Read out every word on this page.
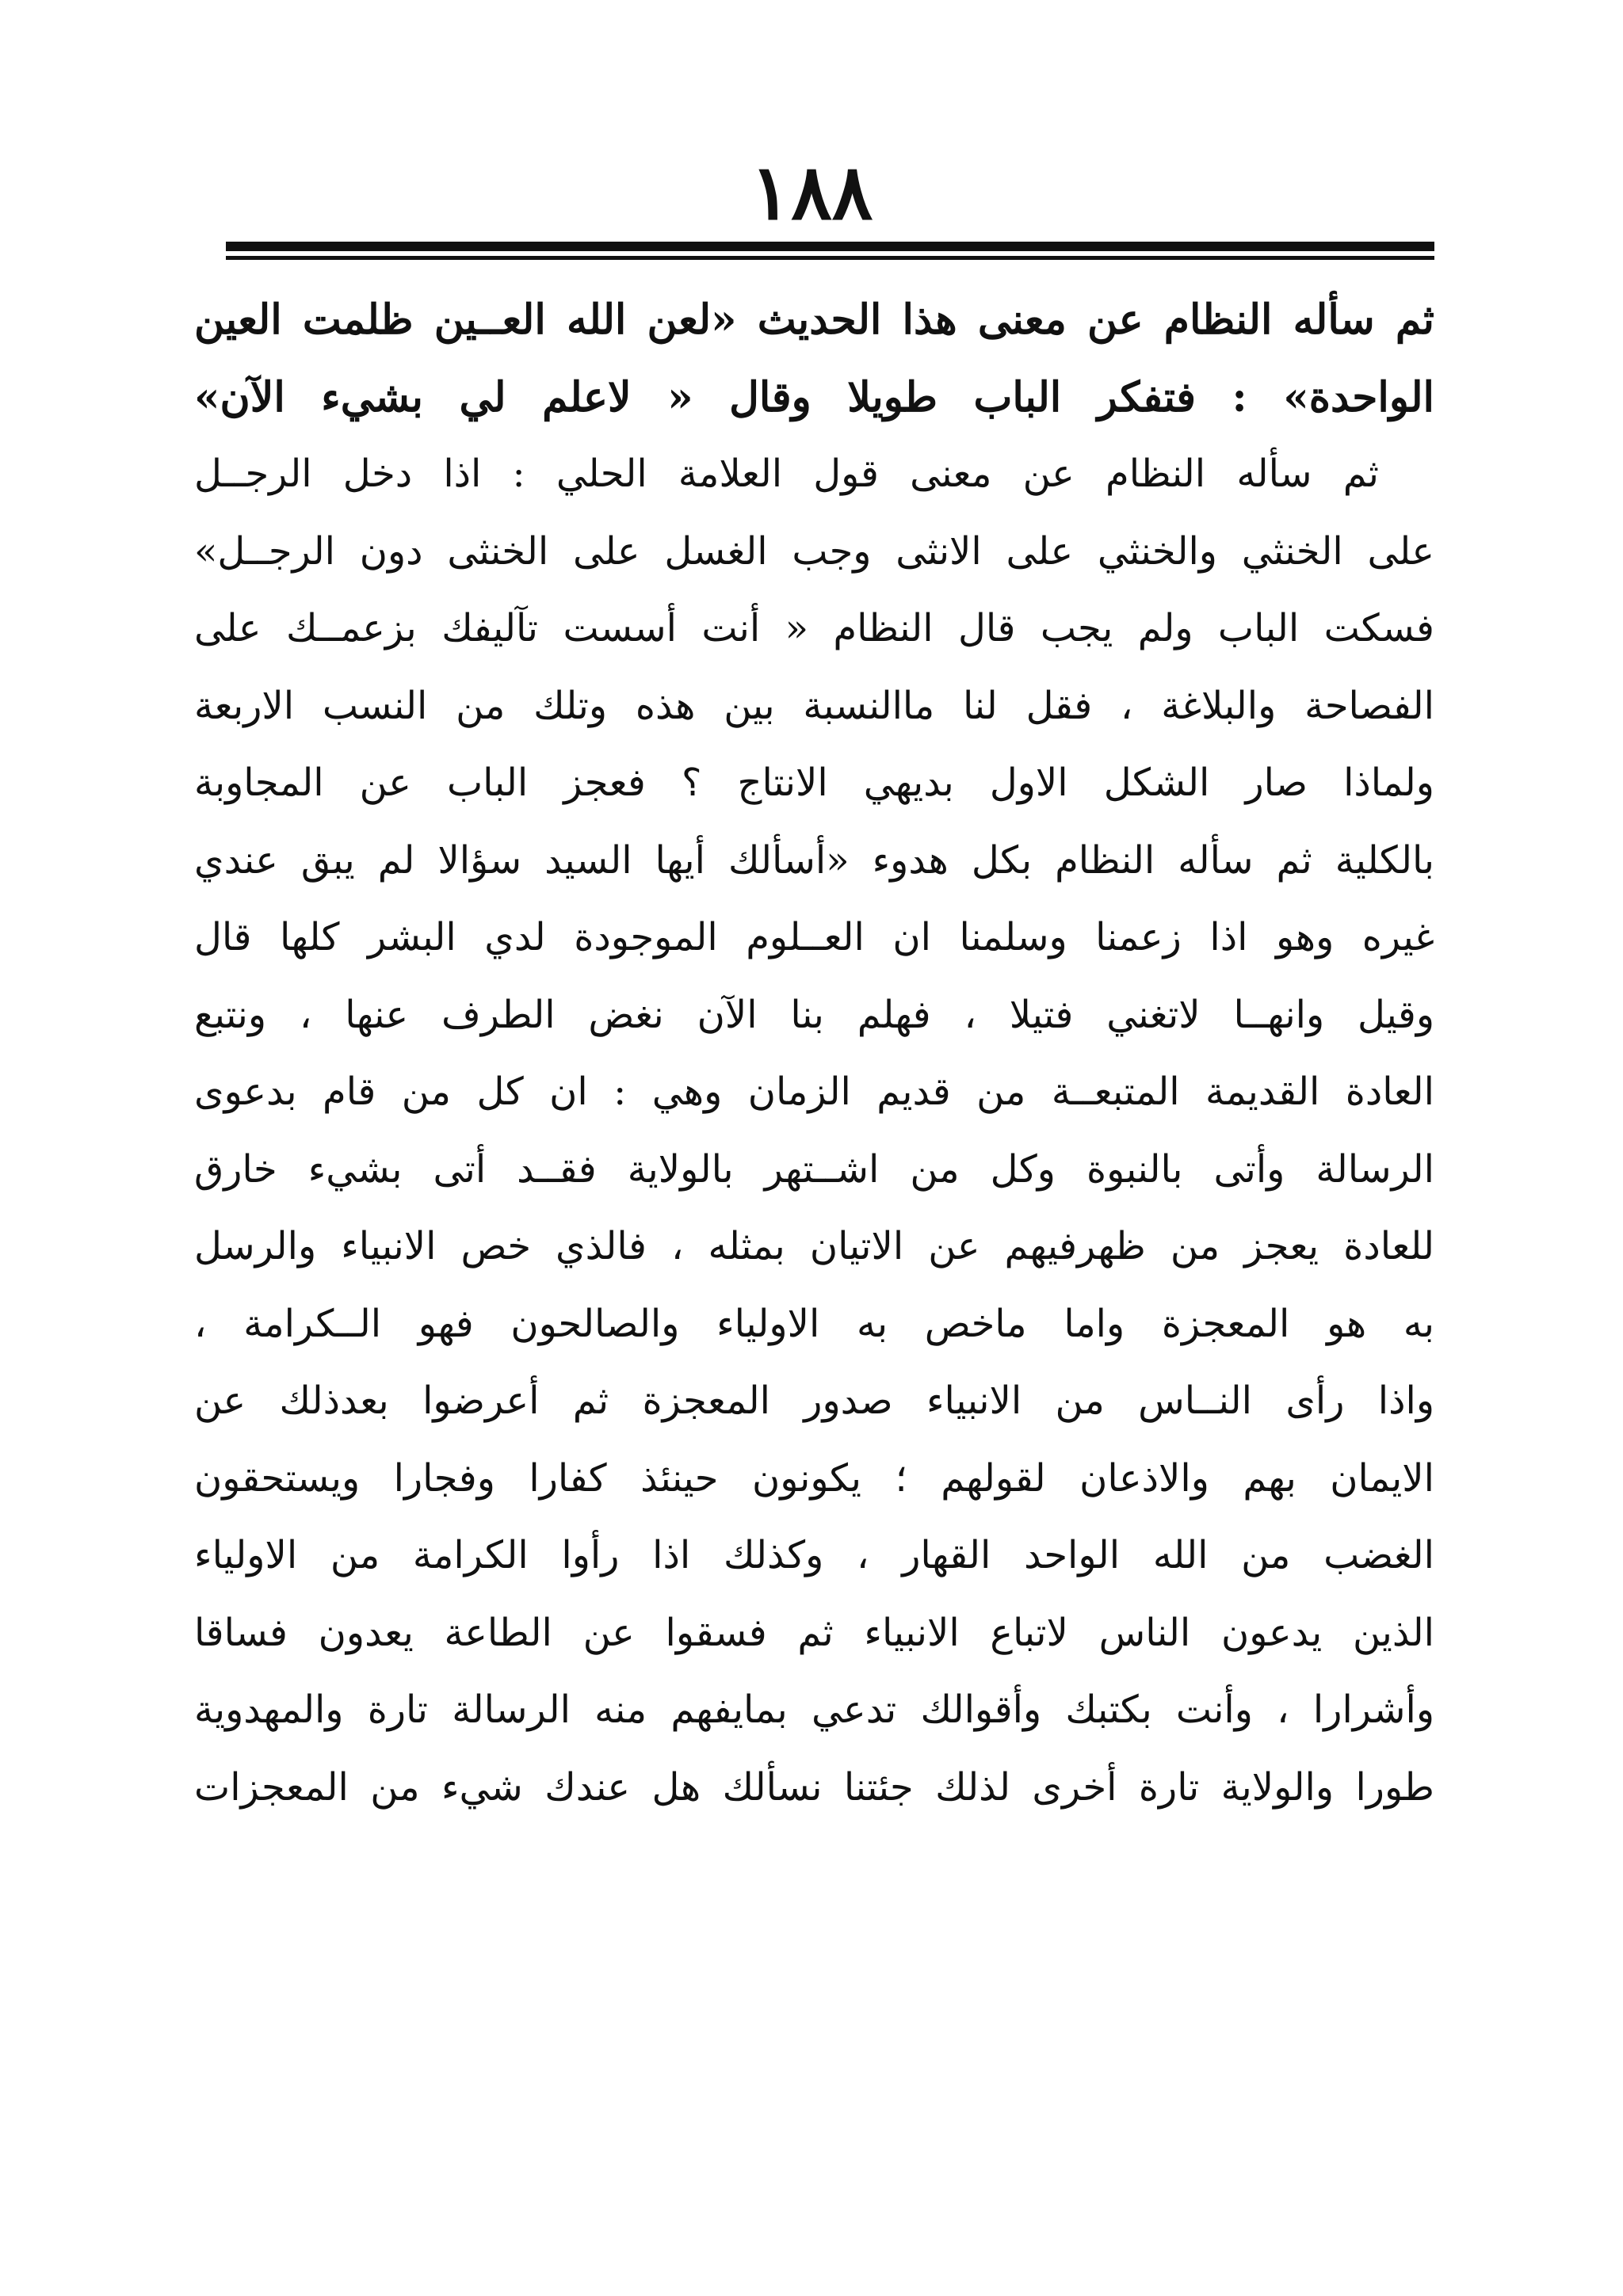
١٨٨
ثم سأله النظام عن معنى هذا الحديث «لعن الله العــين ظلمت العين
الواحدة» : فتفكر الباب طويلا وقال « لاعلم لي بشيء الآن»
ثم سأله النظام عن معنى قول العلامة الحلي : اذا دخل الرجــل
على الخنثي والخنثي على الانثى وجب الغسل على الخنثى دون الرجــل»
فسكت الباب ولم يجب قال النظام « أنت أسست تآليفك بزعمــك على
الفصاحة والبلاغة ، فقل لنا ماالنسبة بين هذه وتلك من النسب الاربعة
ولماذا صار الشكل الاول بديهي الانتاج ؟ فعجز الباب عن المجاوبة
بالكلية ثم سأله النظام بكل هدوء «أسألك أيها السيد سؤالا لم يبق عندي
غيره وهو اذا زعمنا وسلمنا ان العــلوم الموجودة لدي البشر كلها قال
وقيل وانهــا لاتغني فتيلا ، فهلم بنا الآن نغض الطرف عنها ، ونتبع
العادة القديمة المتبعــة من قديم الزمان وهي : ان كل من قام بدعوى
الرسالة وأتى بالنبوة وكل من اشــتهر بالولاية فقــد أتى بشيء خارق
للعادة يعجز من ظهرفيهم عن الاتيان بمثله ، فالذي خص الانبياء والرسل
به هو المعجزة واما ماخص به الاولياء والصالحون فهو الــكرامة ،
واذا رأى النــاس من الانبياء صدور المعجزة ثم أعرضوا بعدذلك عن
الايمان بهم والاذعان لقولهم ؛ يكونون حينئذ كفارا وفجارا ويستحقون
الغضب من الله الواحد القهار ، وكذلك اذا رأوا الكرامة من الاولياء
الذين يدعون الناس لاتباع الانبياء ثم فسقوا عن الطاعة يعدون فساقا
وأشرارا ، وأنت بكتبك وأقوالك تدعي بمايفهم منه الرسالة تارة والمهدوية
طورا والولاية تارة أخرى لذلك جئتنا نسألك هل عندك شيء من المعجزات
